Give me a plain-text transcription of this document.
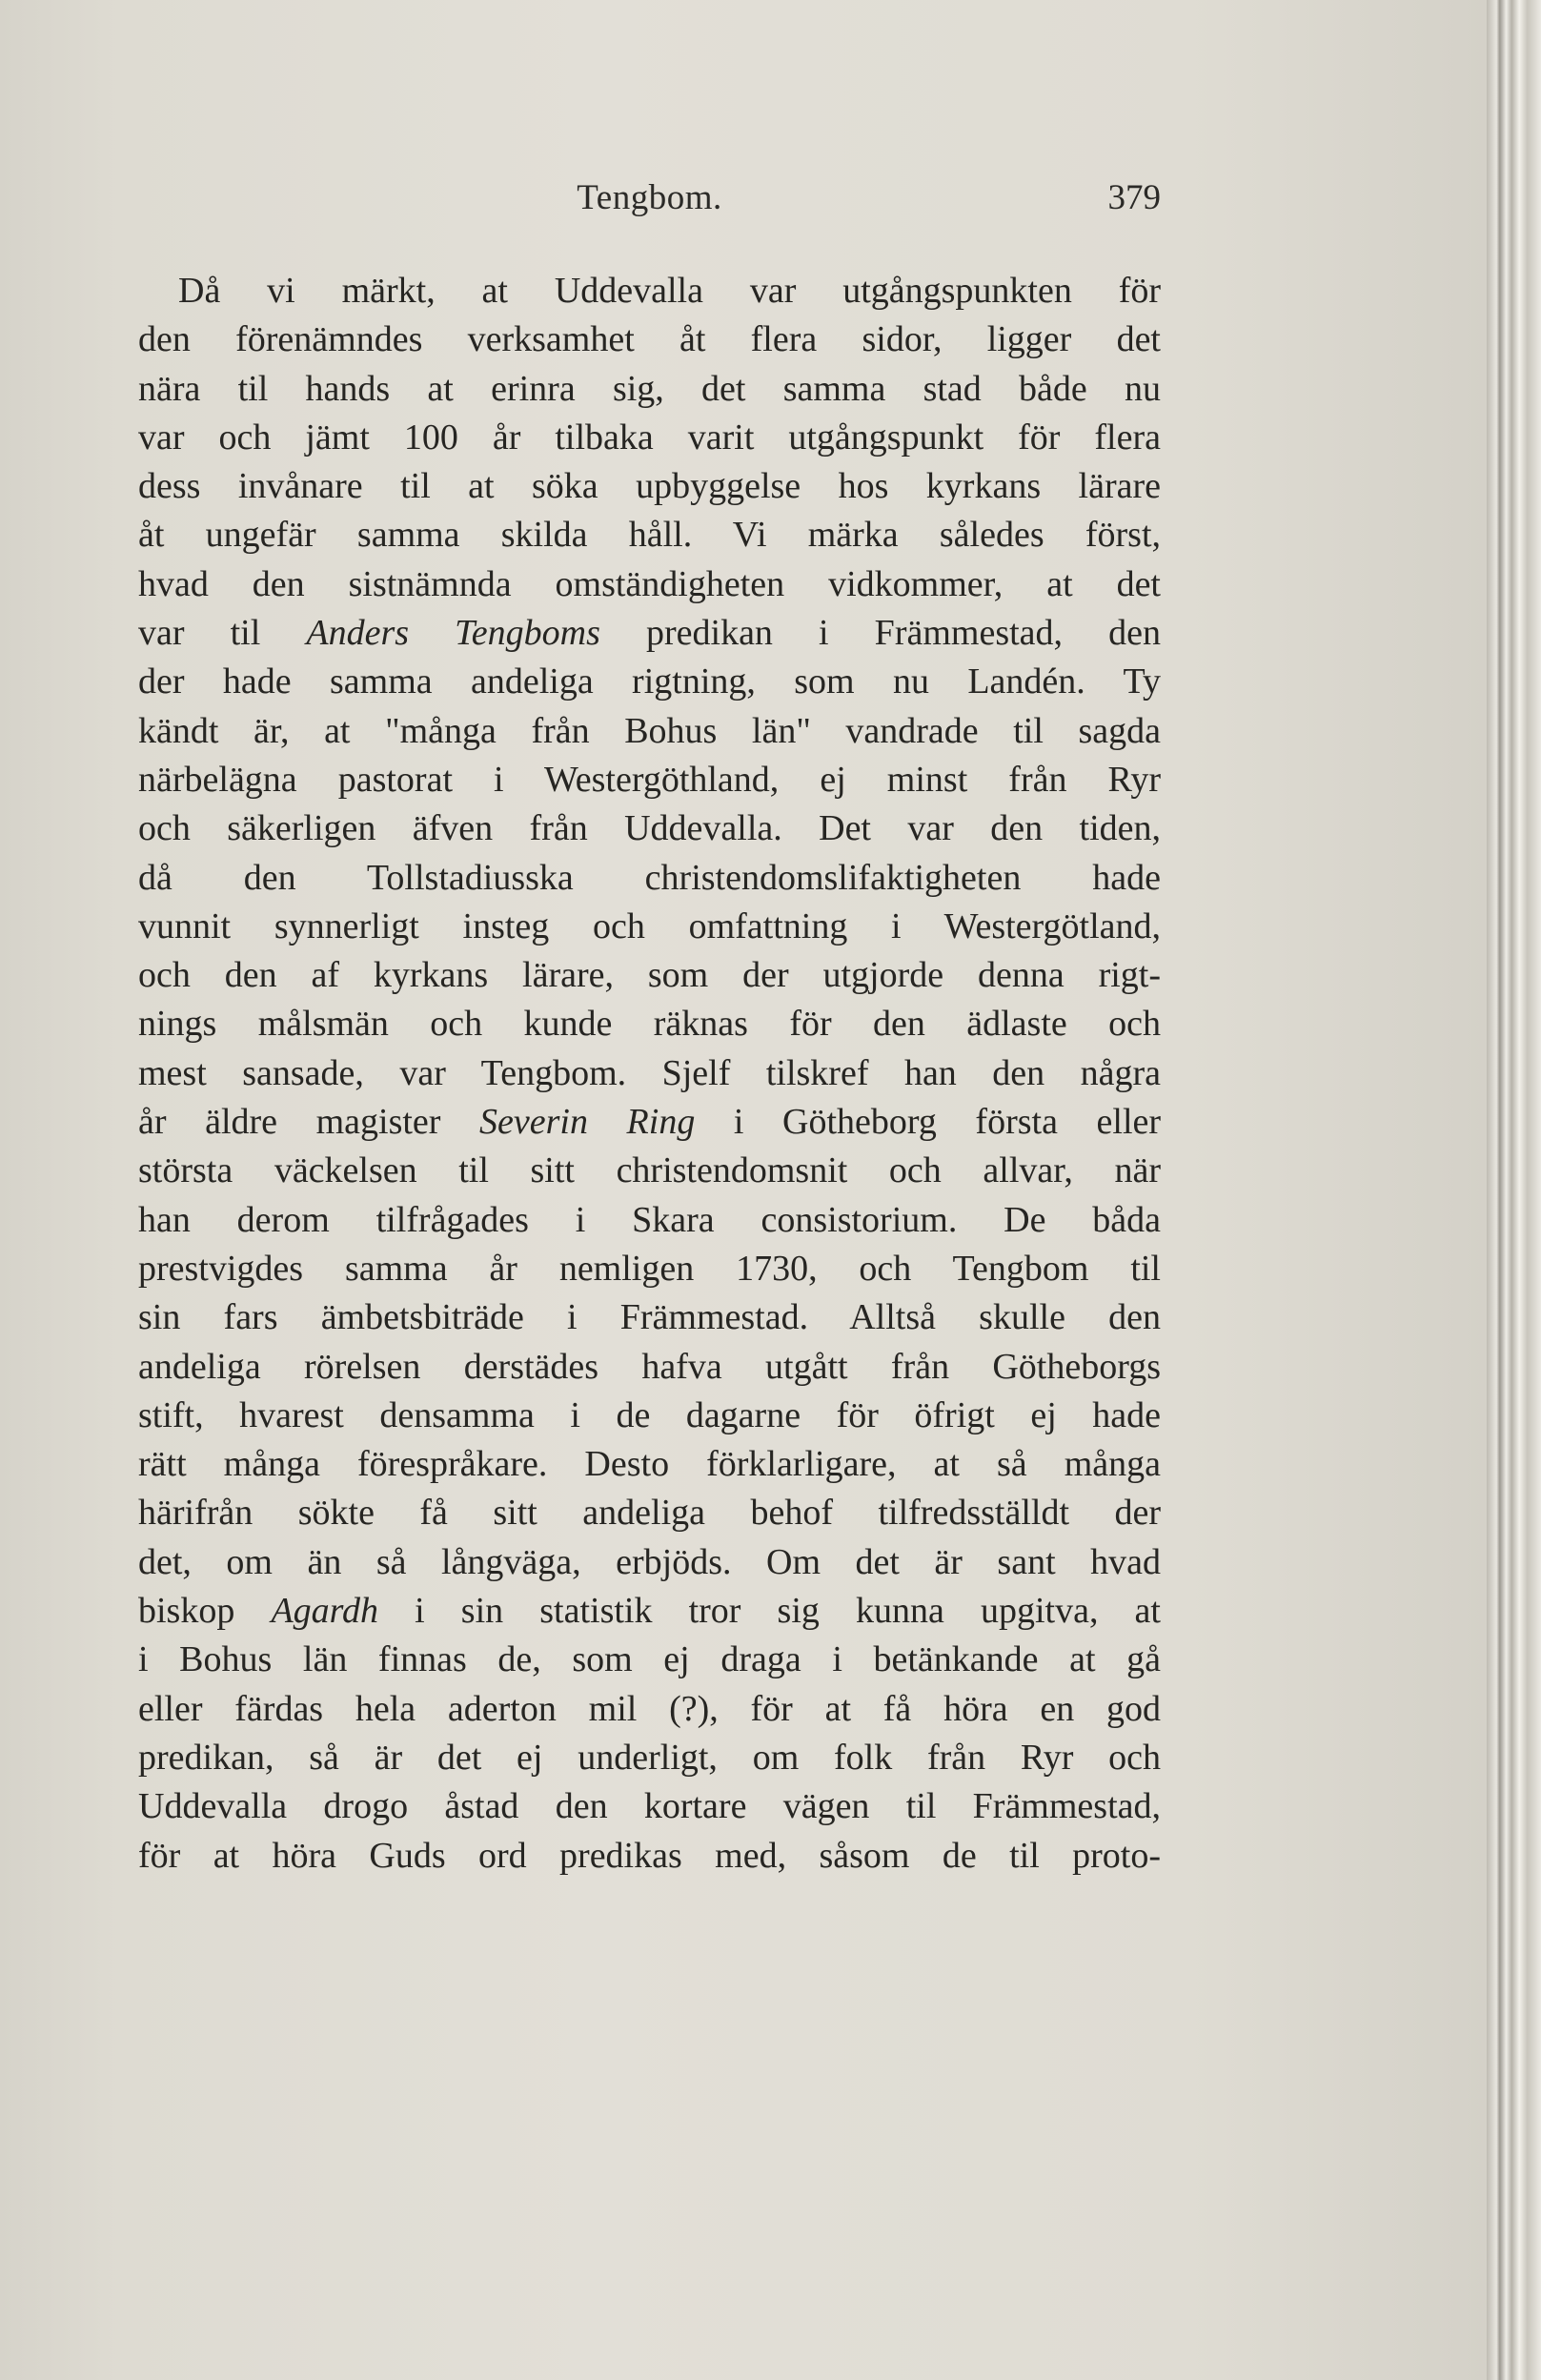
Tengbom.	379
Då vi märkt, at Uddevalla var utgångspunkten för
den förenämndes verksamhet åt flera sidor, ligger det
nära til hands at erinra sig, det samma stad både nu
var och jämt 100 år tilbaka varit utgångspunkt för flera
dess invånare til at söka upbyggelse hos kyrkans lärare
åt ungefär samma skilda håll. Vi märka således först,
hvad den sistnämnda omständigheten vidkommer, at det
var til Anders Tengboms predikan i Främmestad, den
der hade samma andeliga rigtning, som nu Landén. Ty
kändt är, at "många från Bohus län" vandrade til sagda
närbelägna pastorat i Westergöthland, ej minst från Ryr
och säkerligen äfven från Uddevalla. Det var den tiden,
då den Tollstadiusska christendomslifaktigheten hade
vunnit synnerligt insteg och omfattning i Westergötland,
och den af kyrkans lärare, som der utgjorde denna rigt-
nings målsmän och kunde räknas för den ädlaste och
mest sansade, var Tengbom. Sjelf tilskref han den några
år äldre magister Severin Ring i Götheborg första eller
största väckelsen til sitt christendomsnit och allvar, när
han derom tilfrågades i Skara consistorium. De båda
prestvigdes samma år nemligen 1730, och Tengbom til
sin fars ämbetsbiträde i Främmestad. Alltså skulle den
andeliga rörelsen derstädes hafva utgått från Götheborgs
stift, hvarest densamma i de dagarne för öfrigt ej hade
rätt många förespråkare. Desto förklarligare, at så många
härifrån sökte få sitt andeliga behof tilfredsställdt der
det, om än så långväga, erbjöds. Om det är sant hvad
biskop Agardh i sin statistik tror sig kunna upgitva, at
i Bohus län finnas de, som ej draga i betänkande at gå
eller färdas hela aderton mil (?), för at få höra en god
predikan, så är det ej underligt, om folk från Ryr och
Uddevalla drogo åstad den kortare vägen til Främmestad,
för at höra Guds ord predikas med, såsom de til proto-
